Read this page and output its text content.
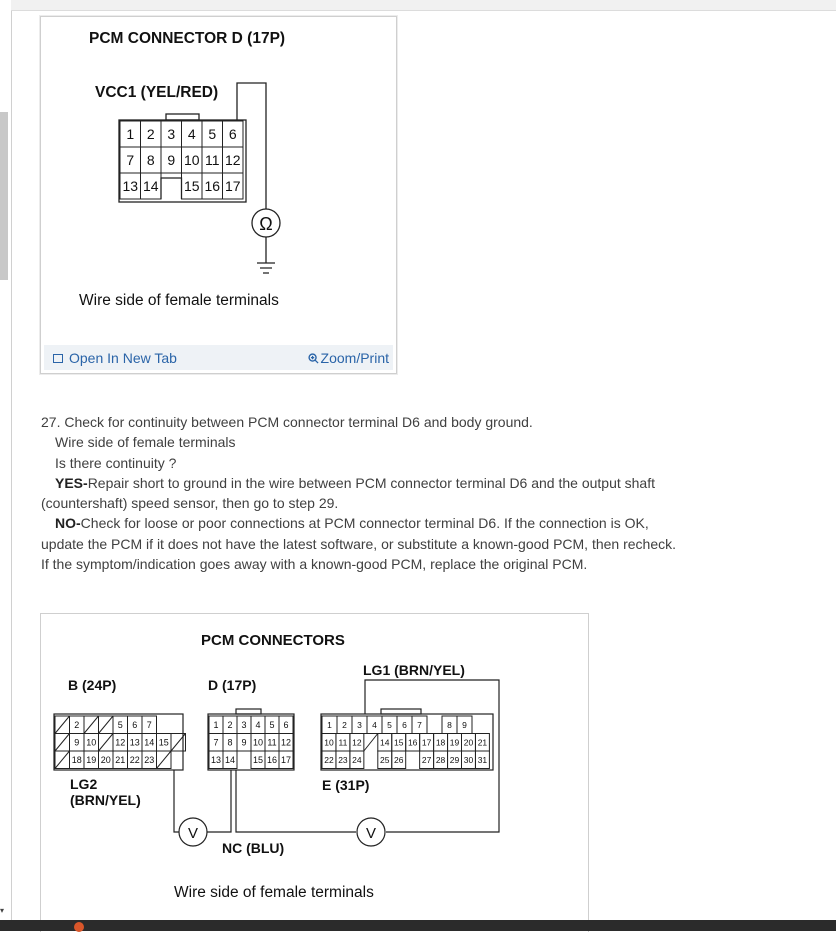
▾
PCM CONNECTOR D (17P)
VCC1 (YEL/RED)
Ω
1 2 3 4 5 6
7 8 9 10 11 12
13 14 15 16 17
Wire side of female terminals
Open In New Tab	Zoom/Print

27. Check for continuity between PCM connector terminal D6 and body ground.

Wire side of female terminals

Is there continuity ?

YES-Repair short to ground in the wire between PCM connector terminal D6 and the output shaft (countershaft) speed sensor, then go to step 29.

NO-Check for loose or poor connections at PCM connector terminal D6. If the connection is OK, update the PCM if it does not have the latest software, or substitute a known-good PCM, then recheck. If the symptom/indication goes away with a known-good PCM, replace the original PCM.

PCM CONNECTORS
LG1 (BRN/YEL)
B (24P)	D (17P)
2	5 6 7
9 10 12 13 14 15
18 19 20 21 22 23
1 2 3 4 5 6
7 8 9 10 11 12
13 14 15 16 17
1 2 3 4 5 6 7	8 9
10 11 12 14 15 16 17 18 19 20 21
22 23 24 25 26 27 28 29 30 31
V	V
LG2
(BRN/YEL)
E (31P)
NC (BLU)
Wire side of female terminals
